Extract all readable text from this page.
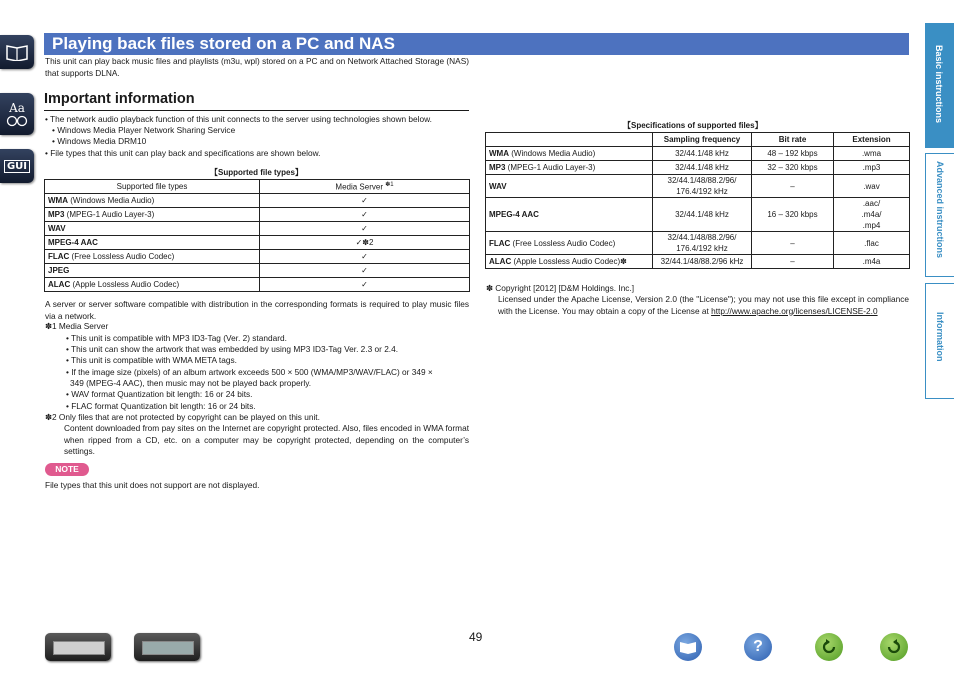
Aa
GUI
Playing back files stored on a PC and NAS
This unit can play back music files and playlists (m3u, wpl) stored on a PC and on Network Attached Storage (NAS) that supports DLNA.
Important information
• The network audio playback function of this unit connects to the server using technologies shown below.
• Windows Media Player Network Sharing Service
• Windows Media DRM10
• File types that this unit can play back and specifications are shown below.
【Supported file types】
Supported file types	Media Server $^{✽1}$
WMA (Windows Media Audio)	✓
MP3 (MPEG-1 Audio Layer-3)	✓
WAV	✓
MPEG-4 AAC	✓✽2
FLAC (Free Lossless Audio Codec)	✓
JPEG	✓
ALAC (Apple Lossless Audio Codec)	✓
A server or server software compatible with distribution in the corresponding formats is required to play music files via a network.
✽1 Media Server
• This unit is compatible with MP3 ID3-Tag (Ver. 2) standard.
• This unit can show the artwork that was embedded by using MP3 ID3-Tag Ver. 2.3 or 2.4.
• This unit is compatible with WMA META tags.
• If the image size (pixels) of an album artwork exceeds 500 × 500 (WMA/MP3/WAV/FLAC) or 349 ×
349 (MPEG-4 AAC), then music may not be played back properly.
• WAV format Quantization bit length: 16 or 24 bits.
• FLAC format Quantization bit length: 16 or 24 bits.
✽2 Only files that are not protected by copyright can be played on this unit.
Content downloaded from pay sites on the Internet are copyright protected. Also, files encoded in WMA format when ripped from a CD, etc. on a computer may be copyright protected, depending on the computer’s settings.
NOTE
File types that this unit does not support are not displayed.
【Specifications of supported files】
	Sampling frequency	Bit rate	Extension
WMA (Windows Media Audio)	32/44.1/48 kHz	48 – 192 kbps	.wma
MP3 (MPEG-1 Audio Layer-3)	32/44.1/48 kHz	32 – 320 kbps	.mp3
WAV	32/44.1/48/88.2/96/
176.4/192 kHz	–	.wav
MPEG-4 AAC	32/44.1/48 kHz	16 – 320 kbps	.aac/
.m4a/
.mp4
FLAC (Free Lossless Audio Codec)	32/44.1/48/88.2/96/
176.4/192 kHz	–	.flac
ALAC (Apple Lossless Audio Codec)✽	32/44.1/48/88.2/96 kHz	–	.m4a
✽ Copyright [2012] [D&M Holdings. Inc.]
Licensed under the Apache License, Version 2.0 (the "License"); you may not use this file except in compliance with the License. You may obtain a copy of the License at http://www.apache.org/licenses/LICENSE-2.0
Basic instructions
Advanced instructions
Information
49
?
